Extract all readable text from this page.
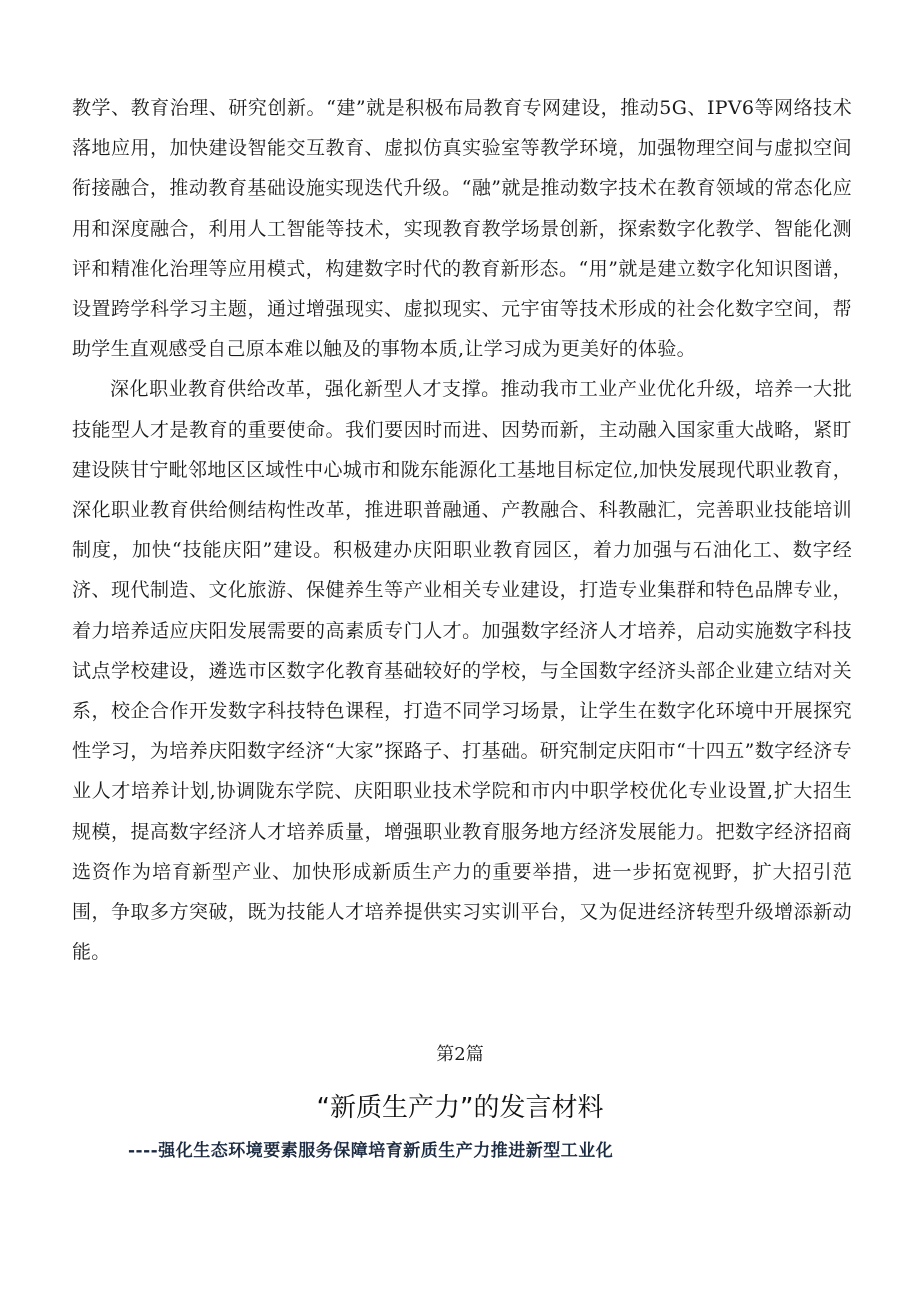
教学、教育治理、研究创新。“建”就是积极布局教育专网建设，推动5G、IPV6等网络技术落地应用，加快建设智能交互教育、虚拟仿真实验室等教学环境，加强物理空间与虚拟空间衔接融合，推动教育基础设施实现迭代升级。“融”就是推动数字技术在教育领域的常态化应用和深度融合，利用人工智能等技术，实现教育教学场景创新，探索数字化教学、智能化测评和精准化治理等应用模式，构建数字时代的教育新形态。“用”就是建立数字化知识图谱，设置跨学科学习主题，通过增强现实、虚拟现实、元宇宙等技术形成的社会化数字空间，帮助学生直观感受自己原本难以触及的事物本质,让学习成为更美好的体验。

深化职业教育供给改革，强化新型人才支撑。推动我市工业产业优化升级，培养一大批技能型人才是教育的重要使命。我们要因时而进、因势而新，主动融入国家重大战略，紧盯建设陕甘宁毗邻地区区域性中心城市和陇东能源化工基地目标定位,加快发展现代职业教育，深化职业教育供给侧结构性改革，推进职普融通、产教融合、科教融汇，完善职业技能培训制度，加快“技能庆阳”建设。积极建办庆阳职业教育园区，着力加强与石油化工、数字经济、现代制造、文化旅游、保健养生等产业相关专业建设，打造专业集群和特色品牌专业，着力培养适应庆阳发展需要的高素质专门人才。加强数字经济人才培养，启动实施数字科技试点学校建设，遴选市区数字化教育基础较好的学校，与全国数字经济头部企业建立结对关系，校企合作开发数字科技特色课程，打造不同学习场景，让学生在数字化环境中开展探究性学习，为培养庆阳数字经济“大家”探路子、打基础。研究制定庆阳市“十四五”数字经济专业人才培养计划,协调陇东学院、庆阳职业技术学院和市内中职学校优化专业设置,扩大招生规模，提高数字经济人才培养质量，增强职业教育服务地方经济发展能力。把数字经济招商选资作为培育新型产业、加快形成新质生产力的重要举措，进一步拓宽视野，扩大招引范围，争取多方突破，既为技能人才培养提供实习实训平台，又为促进经济转型升级增添新动能。

第2篇
“新质生产力”的发言材料
----强化生态环境要素服务保障培育新质生产力推进新型工业化
